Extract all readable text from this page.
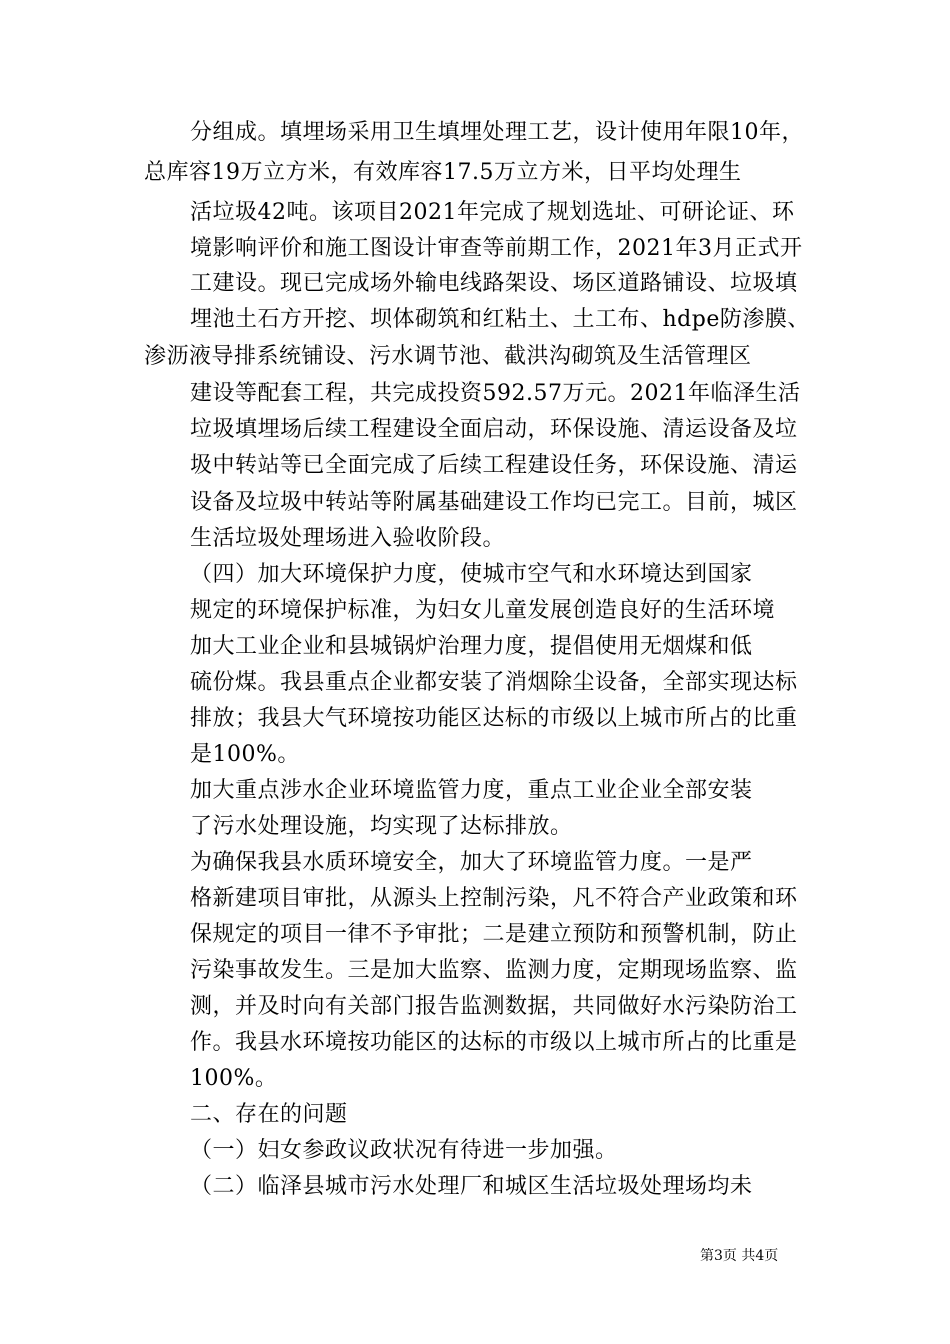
分组成。填埋场采用卫生填埋处理工艺，设计使用年限10年，
总库容19万立方米，有效库容17.5万立方米，日平均处理生
活垃圾42吨。该项目2021年完成了规划选址、可研论证、环
境影响评价和施工图设计审查等前期工作，2021年3月正式开
工建设。现已完成场外输电线路架设、场区道路铺设、垃圾填
埋池土石方开挖、坝体砌筑和红粘土、土工布、hdpe防渗膜、
渗沥液导排系统铺设、污水调节池、截洪沟砌筑及生活管理区
建设等配套工程，共完成投资592.57万元。2021年临泽生活
垃圾填埋场后续工程建设全面启动，环保设施、清运设备及垃
圾中转站等已全面完成了后续工程建设任务，环保设施、清运
设备及垃圾中转站等附属基础建设工作均已完工。目前，城区
生活垃圾处理场进入验收阶段。
（四）加大环境保护力度，使城市空气和水环境达到国家
规定的环境保护标准，为妇女儿童发展创造良好的生活环境
加大工业企业和县城锅炉治理力度，提倡使用无烟煤和低
硫份煤。我县重点企业都安装了消烟除尘设备，全部实现达标
排放；我县大气环境按功能区达标的市级以上城市所占的比重
是100%。
加大重点涉水企业环境监管力度，重点工业企业全部安装
了污水处理设施，均实现了达标排放。
为确保我县水质环境安全，加大了环境监管力度。一是严
格新建项目审批，从源头上控制污染，凡不符合产业政策和环
保规定的项目一律不予审批；二是建立预防和预警机制，防止
污染事故发生。三是加大监察、监测力度，定期现场监察、监
测，并及时向有关部门报告监测数据，共同做好水污染防治工
作。我县水环境按功能区的达标的市级以上城市所占的比重是
100%。
二、存在的问题
（一）妇女参政议政状况有待进一步加强。
（二）临泽县城市污水处理厂和城区生活垃圾处理场均未
第3页 共4页
